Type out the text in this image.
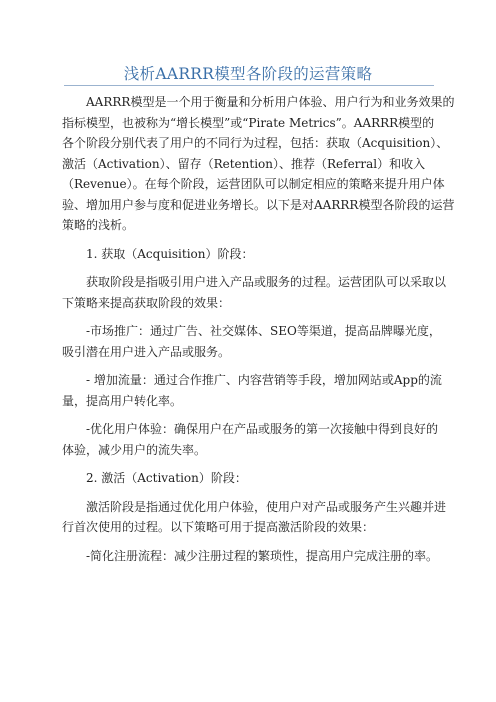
浅析AARRR模型各阶段的运营策略

AARRR模型是一个用于衡量和分析用户体验、用户行为和业务效果的
指标模型，也被称为“增长模型”或“Pirate Metrics”。AARRR模型的
各个阶段分别代表了用户的不同行为过程，包括：获取（Acquisition）、
激活（Activation）、留存（Retention）、推荐（Referral）和收入
（Revenue）。在每个阶段，运营团队可以制定相应的策略来提升用户体
验、增加用户参与度和促进业务增长。以下是对AARRR模型各阶段的运营
策略的浅析。

1. 获取（Acquisition）阶段：

获取阶段是指吸引用户进入产品或服务的过程。运营团队可以采取以
下策略来提高获取阶段的效果：

-市场推广：通过广告、社交媒体、SEO等渠道，提高品牌曝光度，
吸引潜在用户进入产品或服务。

- 增加流量：通过合作推广、内容营销等手段，增加网站或App的流
量，提高用户转化率。

-优化用户体验：确保用户在产品或服务的第一次接触中得到良好的
体验，减少用户的流失率。

2. 激活（Activation）阶段：

激活阶段是指通过优化用户体验，使用户对产品或服务产生兴趣并进
行首次使用的过程。以下策略可用于提高激活阶段的效果：

-简化注册流程：减少注册过程的繁琐性，提高用户完成注册的率。
